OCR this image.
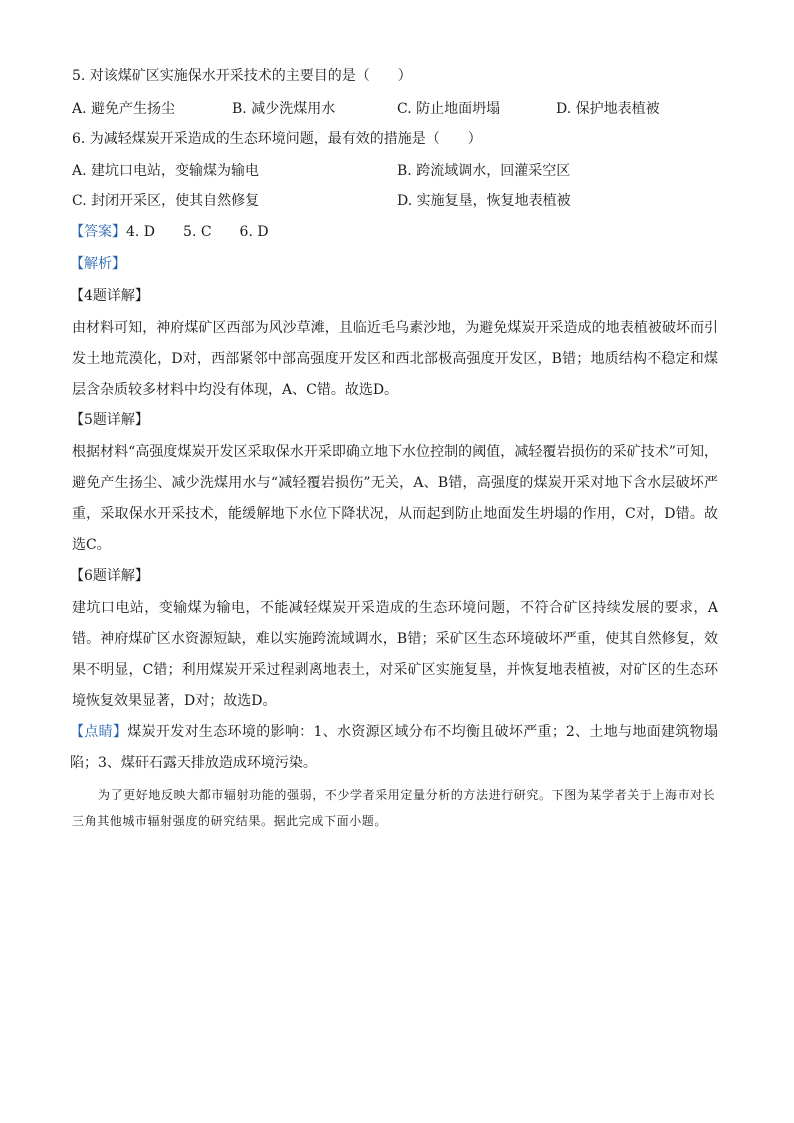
5. 对该煤矿区实施保水开采技术的主要目的是（　　）
A. 避免产生扬尘	B. 减少洗煤用水	C. 防止地面坍塌	D. 保护地表植被
6. 为减轻煤炭开采造成的生态环境问题，最有效的措施是（　　）
A. 建坑口电站，变输煤为输电	B. 跨流域调水，回灌采空区
C. 封闭开采区，使其自然修复	D. 实施复垦，恢复地表植被
【答案】4. D　　5. C　　6. D
【解析】
【4题详解】
由材料可知，神府煤矿区西部为风沙草滩，且临近毛乌素沙地，为避免煤炭开采造成的地表植被破坏而引发土地荒漠化，D对，西部紧邻中部高强度开发区和西北部极高强度开发区，B错；地质结构不稳定和煤层含杂质较多材料中均没有体现，A、C错。故选D。
【5题详解】
根据材料“高强度煤炭开发区采取保水开采即确立地下水位控制的阈值，减轻覆岩损伤的采矿技术”可知，避免产生扬尘、减少洗煤用水与“减轻覆岩损伤”无关，A、B错，高强度的煤炭开采对地下含水层破坏严重，采取保水开采技术，能缓解地下水位下降状况，从而起到防止地面发生坍塌的作用，C对，D错。故选C。
【6题详解】
建坑口电站，变输煤为输电，不能减轻煤炭开采造成的生态环境问题，不符合矿区持续发展的要求，A错。神府煤矿区水资源短缺，难以实施跨流域调水，B错；采矿区生态环境破坏严重，使其自然修复，效果不明显，C错；利用煤炭开采过程剥离地表土，对采矿区实施复垦，并恢复地表植被，对矿区的生态环境恢复效果显著，D对；故选D。
【点睛】煤炭开发对生态环境的影响：1、水资源区域分布不均衡且破坏严重；2、土地与地面建筑物塌陷；3、煤矸石露天排放造成环境污染。
为了更好地反映大都市辐射功能的强弱，不少学者采用定量分析的方法进行研究。下图为某学者关于上海市对长三角其他城市辐射强度的研究结果。据此完成下面小题。
